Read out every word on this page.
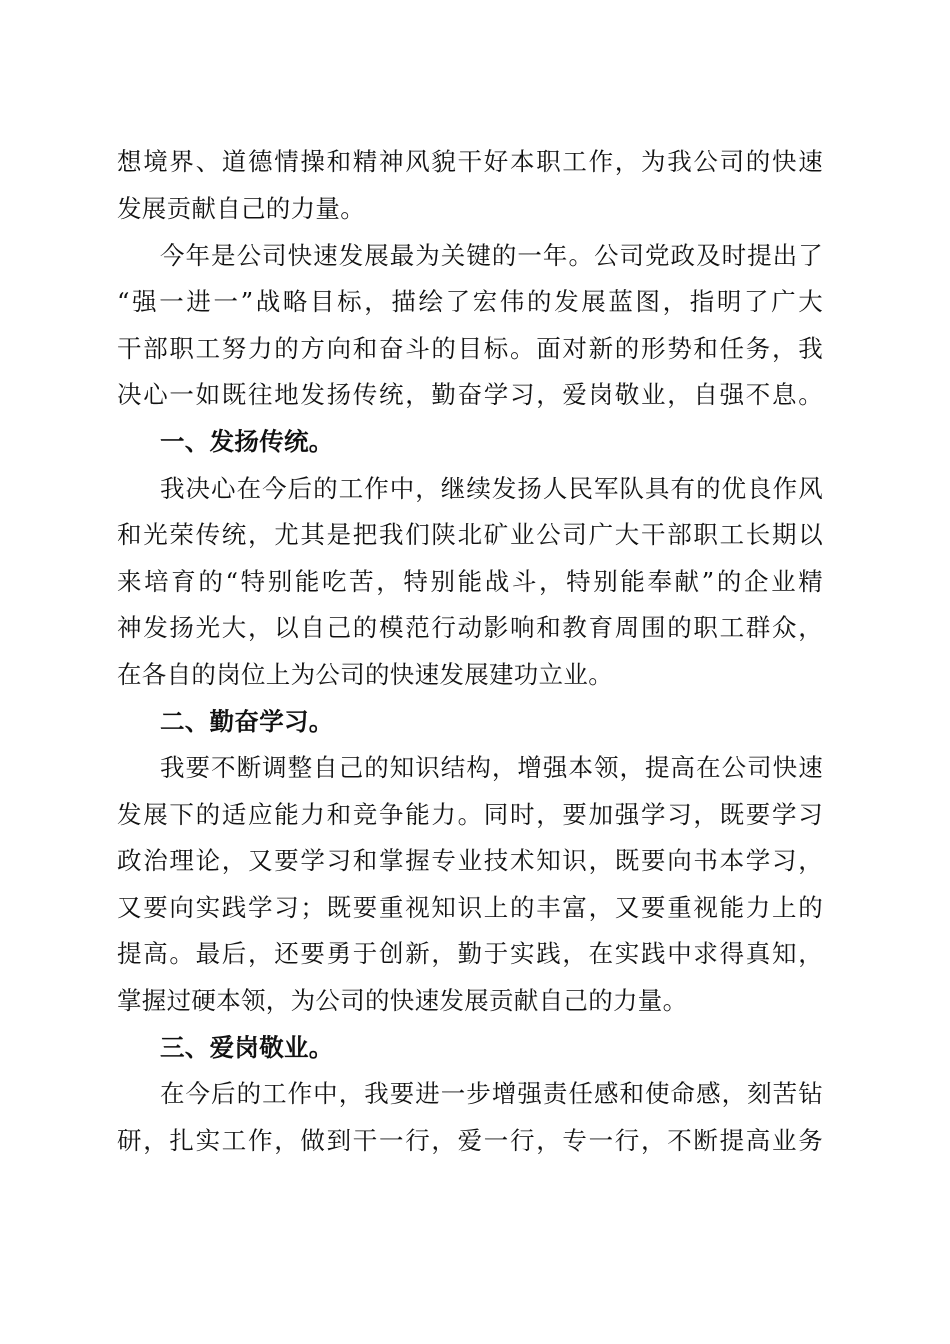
想境界、道德情操和精神风貌干好本职工作，为我公司的快速
发展贡献自己的力量。
今年是公司快速发展最为关键的一年。公司党政及时提出了
“强一进一”战略目标，描绘了宏伟的发展蓝图，指明了广大
干部职工努力的方向和奋斗的目标。面对新的形势和任务，我
决心一如既往地发扬传统，勤奋学习，爱岗敬业，自强不息。
一、发扬传统。
我决心在今后的工作中，继续发扬人民军队具有的优良作风
和光荣传统，尤其是把我们陕北矿业公司广大干部职工长期以
来培育的“特别能吃苦，特别能战斗，特别能奉献”的企业精
神发扬光大，以自己的模范行动影响和教育周围的职工群众，
在各自的岗位上为公司的快速发展建功立业。
二、勤奋学习。
我要不断调整自己的知识结构，增强本领，提高在公司快速
发展下的适应能力和竞争能力。同时，要加强学习，既要学习
政治理论，又要学习和掌握专业技术知识，既要向书本学习，
又要向实践学习；既要重视知识上的丰富，又要重视能力上的
提高。最后，还要勇于创新，勤于实践，在实践中求得真知，
掌握过硬本领，为公司的快速发展贡献自己的力量。
三、爱岗敬业。
在今后的工作中，我要进一步增强责任感和使命感，刻苦钻
研，扎实工作，做到干一行，爱一行，专一行，不断提高业务
